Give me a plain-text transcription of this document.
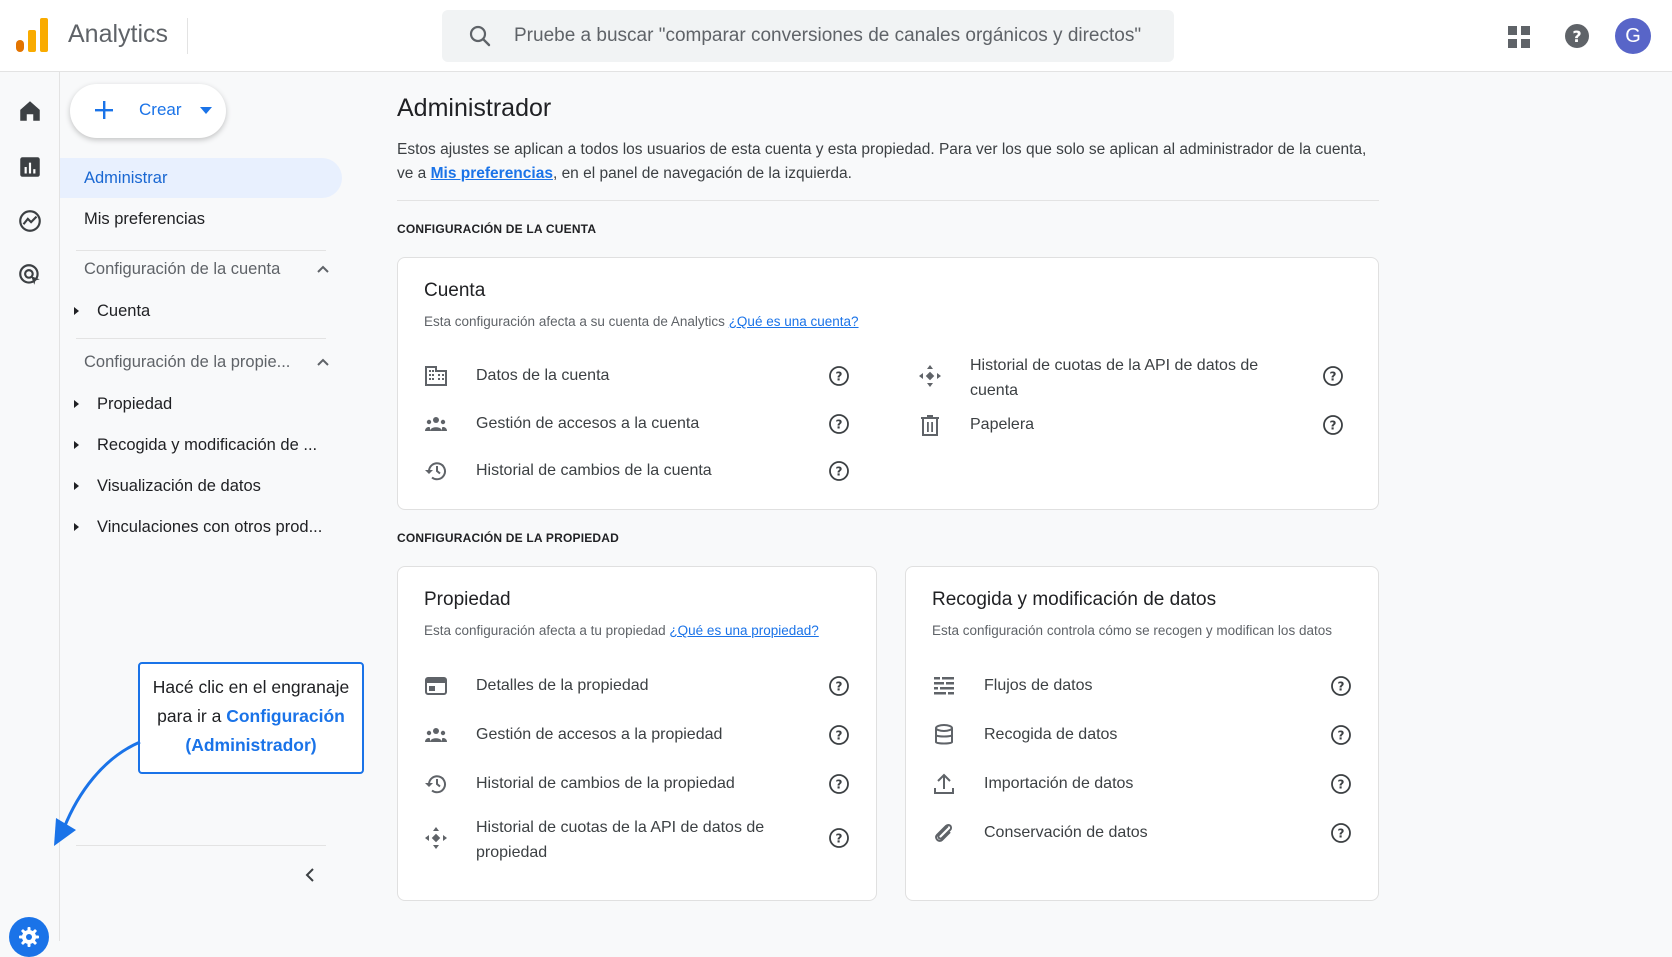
Analytics	Pruebe a buscar "comparar conversiones de canales orgánicos y directos"	?	G
Crear
Administrar
Mis preferencias
Configuración de la cuenta
Cuenta
Configuración de la propie...
Propiedad
Recogida y modificación de ...
Visualización de datos
Vinculaciones con otros prod...
Hacé clic en el engranaje
para ir a Configuración
(Administrador)
Administrador
Estos ajustes se aplican a todos los usuarios de esta cuenta y esta propiedad. Para ver los que solo se aplican al administrador de la cuenta, ve a Mis preferencias, en el panel de navegación de la izquierda.
CONFIGURACIÓN DE LA CUENTA
Cuenta
Esta configuración afecta a su cuenta de Analytics ¿Qué es una cuenta?
Datos de la cuenta	?
Gestión de accesos a la cuenta	?
Historial de cambios de la cuenta	?
Historial de cuotas de la API de datos de cuenta
?
Papelera	?
CONFIGURACIÓN DE LA PROPIEDAD
Propiedad
Esta configuración afecta a tu propiedad ¿Qué es una propiedad?
Detalles de la propiedad	?
Gestión de accesos a la propiedad	?
Historial de cambios de la propiedad	?
Historial de cuotas de la API de datos de propiedad
?
Recogida y modificación de datos
Esta configuración controla cómo se recogen y modifican los datos
Flujos de datos	?
Recogida de datos	?
Importación de datos	?
Conservación de datos	?
